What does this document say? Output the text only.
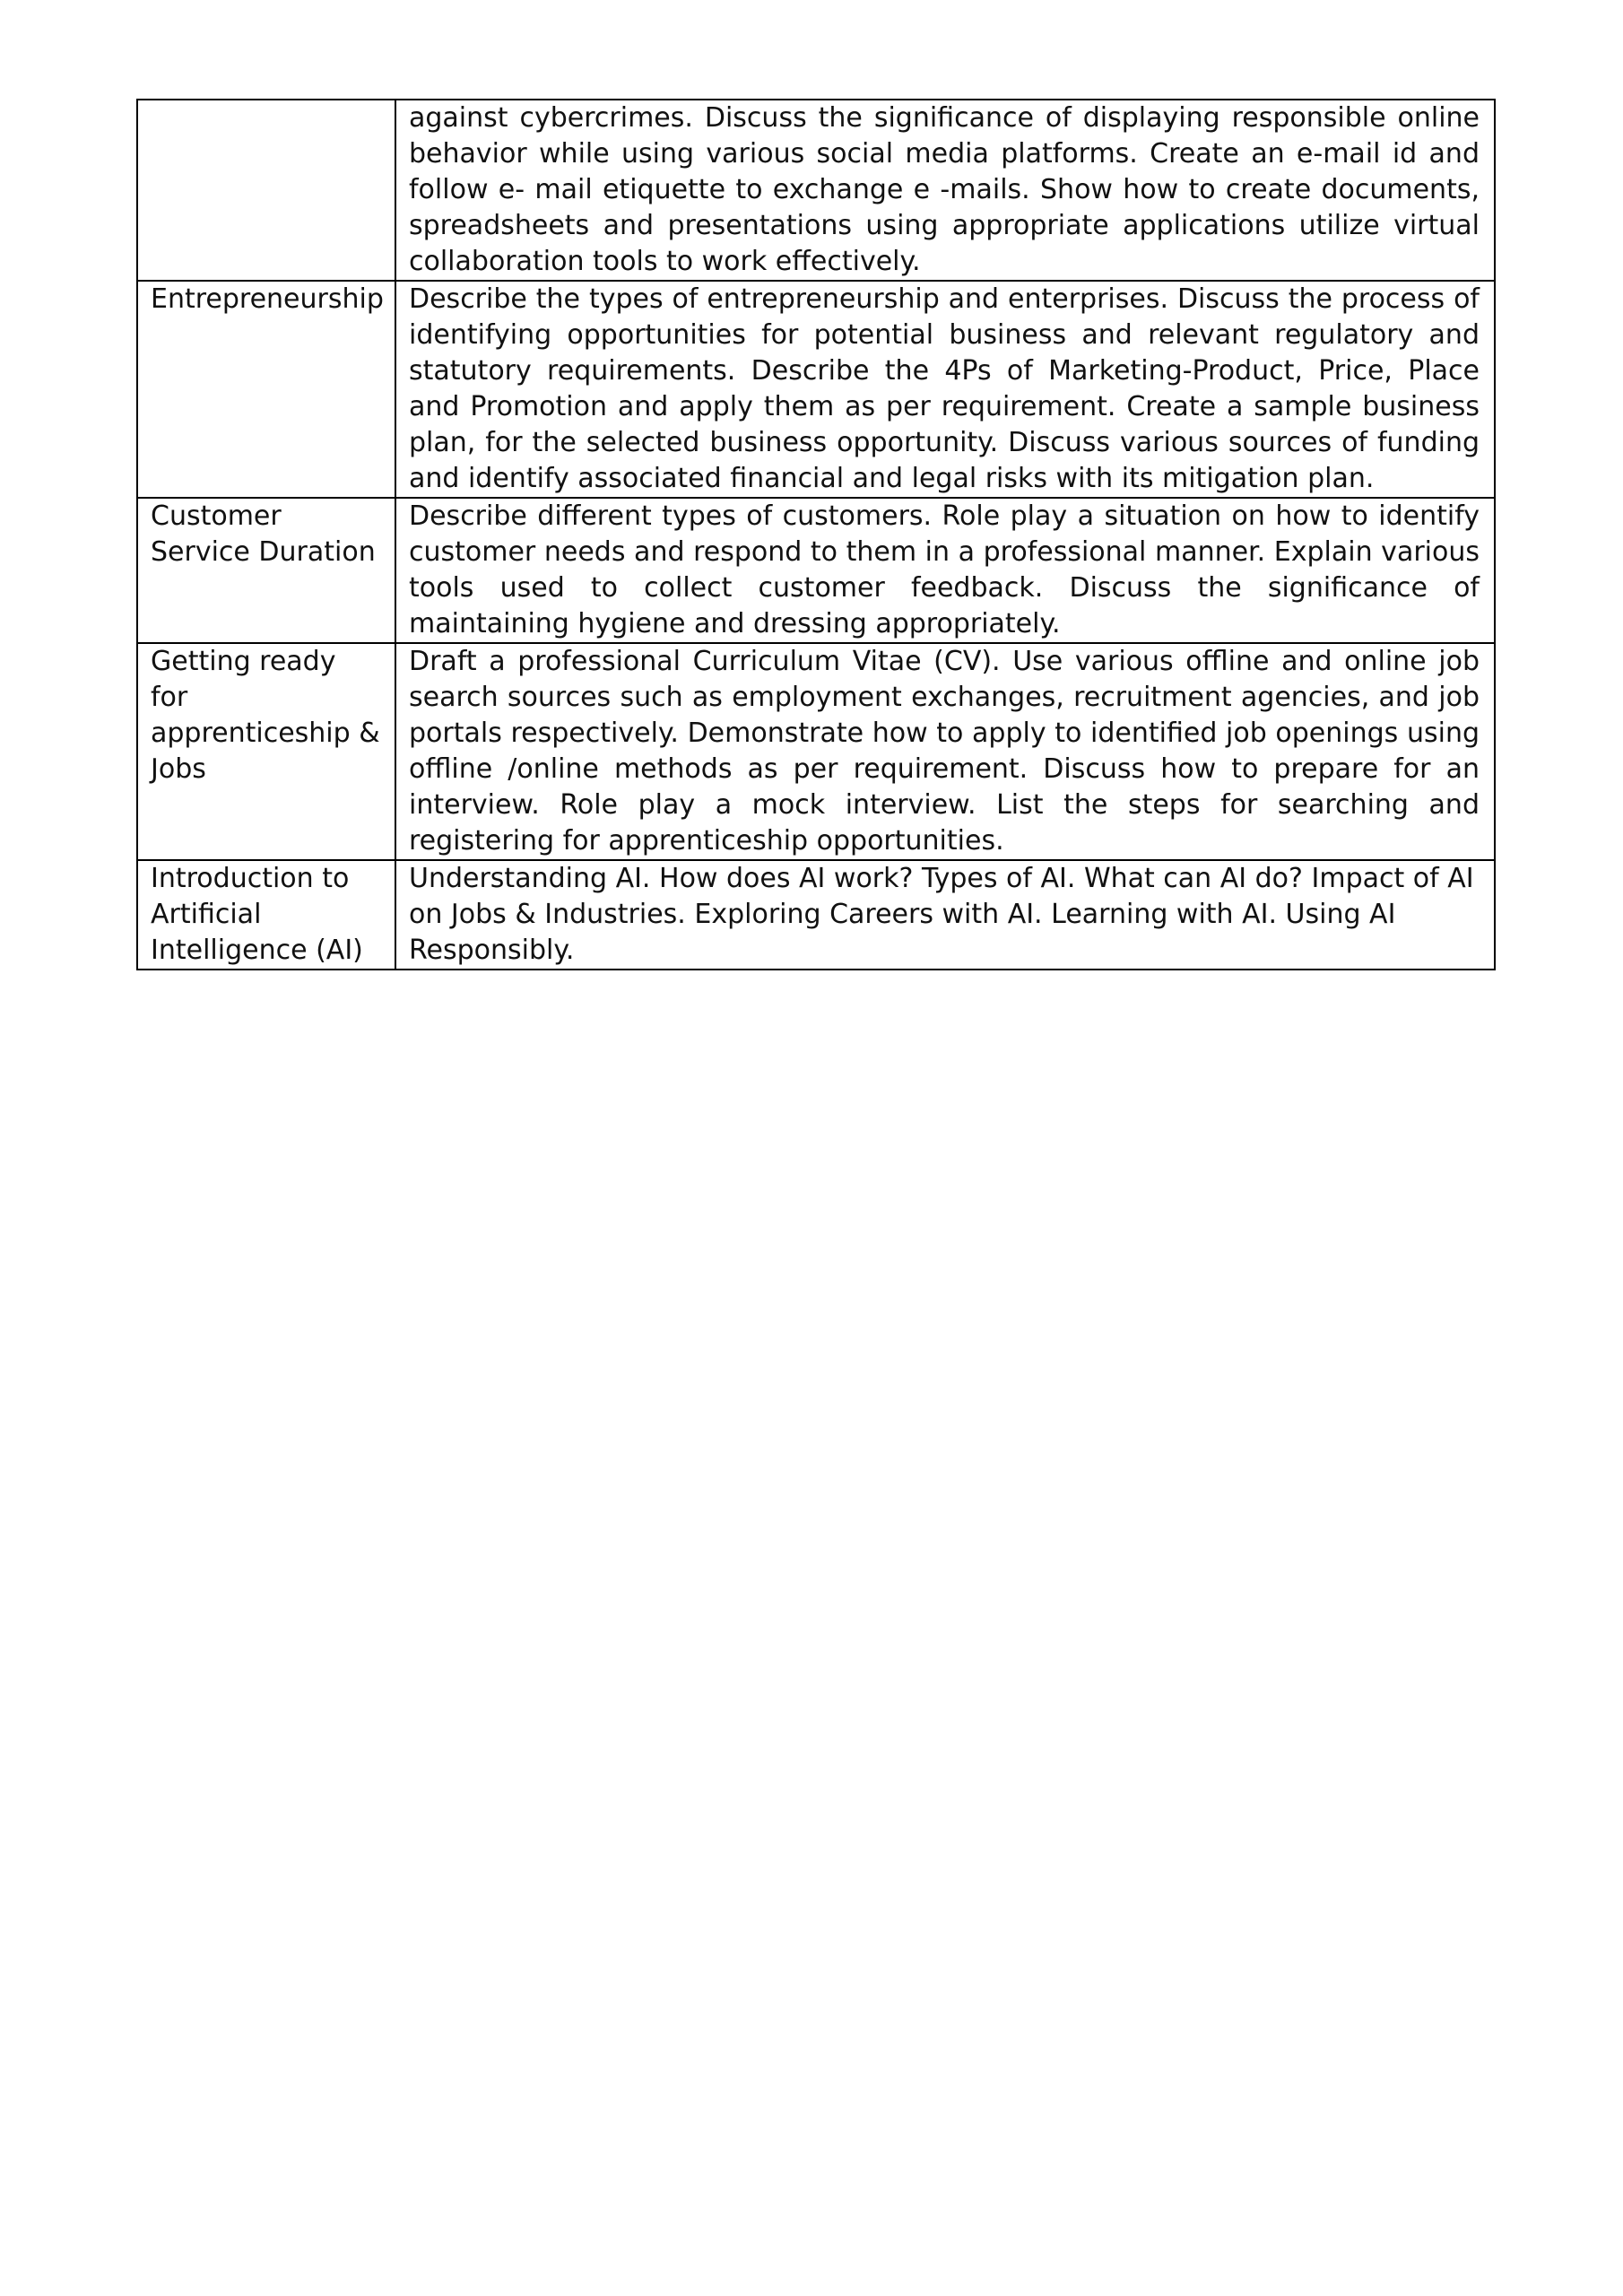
	against cybercrimes. Discuss the significance of displaying responsible online behavior while using various social media platforms. Create an e-mail id and follow e- mail etiquette to exchange e -mails. Show how to create documents, spreadsheets and presentations using appropriate applications utilize virtual collaboration tools to work effectively.
Entrepreneurship	Describe the types of entrepreneurship and enterprises. Discuss the process of identifying opportunities for potential business and relevant regulatory and statutory requirements. Describe the 4Ps of Marketing-Product, Price, Place and Promotion and apply them as per requirement. Create a sample business plan, for the selected business opportunity. Discuss various sources of funding and identify associated financial and legal risks with its mitigation plan.
Customer Service Duration	Describe different types of customers. Role play a situation on how to identify customer needs and respond to them in a professional manner. Explain various tools used to collect customer feedback. Discuss the significance of maintaining hygiene and dressing appropriately.
Getting ready for apprenticeship & Jobs	Draft a professional Curriculum Vitae (CV). Use various offline and online job search sources such as employment exchanges, recruitment agencies, and job portals respectively. Demonstrate how to apply to identified job openings using offline /online methods as per requirement. Discuss how to prepare for an interview. Role play a mock interview. List the steps for searching and registering for apprenticeship opportunities.
Introduction to Artificial Intelligence (AI)	Understanding AI. How does AI work? Types of AI. What can AI do? Impact of AI on Jobs & Industries. Exploring Careers with AI. Learning with AI. Using AI Responsibly.
